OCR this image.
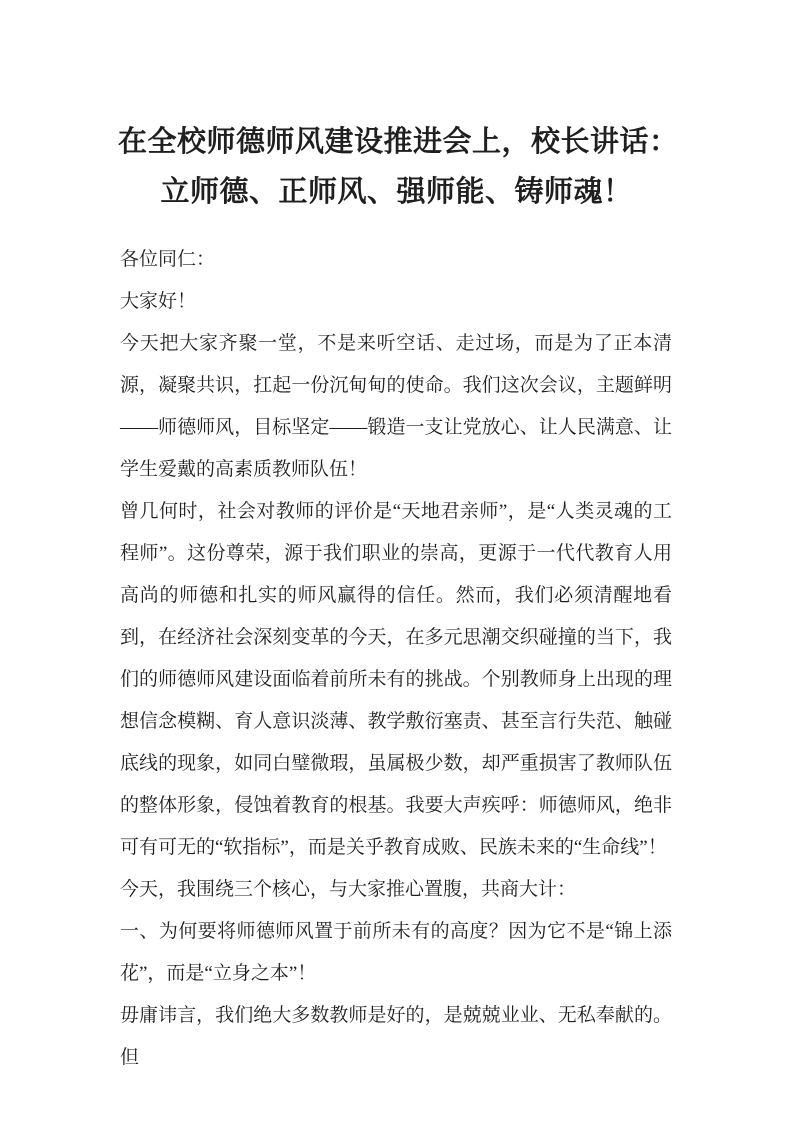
在全校师德师风建设推进会上，校长讲话：
立师德、正师风、强师能、铸师魂！

各位同仁：

大家好！

今天把大家齐聚一堂，不是来听空话、走过场，而是为了正本清源，凝聚共识，扛起一份沉甸甸的使命。我们这次会议，主题鲜明——师德师风，目标坚定——锻造一支让党放心、让人民满意、让学生爱戴的高素质教师队伍！

曾几何时，社会对教师的评价是“天地君亲师”，是“人类灵魂的工程师”。这份尊荣，源于我们职业的崇高，更源于一代代教育人用高尚的师德和扎实的师风赢得的信任。然而，我们必须清醒地看到，在经济社会深刻变革的今天，在多元思潮交织碰撞的当下，我们的师德师风建设面临着前所未有的挑战。个别教师身上出现的理想信念模糊、育人意识淡薄、教学敷衍塞责、甚至言行失范、触碰底线的现象，如同白璧微瑕，虽属极少数，却严重损害了教师队伍的整体形象，侵蚀着教育的根基。我要大声疾呼：师德师风，绝非可有可无的“软指标”，而是关乎教育成败、民族未来的“生命线”！

今天，我围绕三个核心，与大家推心置腹，共商大计：

一、为何要将师德师风置于前所未有的高度？因为它不是“锦上添花”，而是“立身之本”！

毋庸讳言，我们绝大多数教师是好的，是兢兢业业、无私奉献的。但
